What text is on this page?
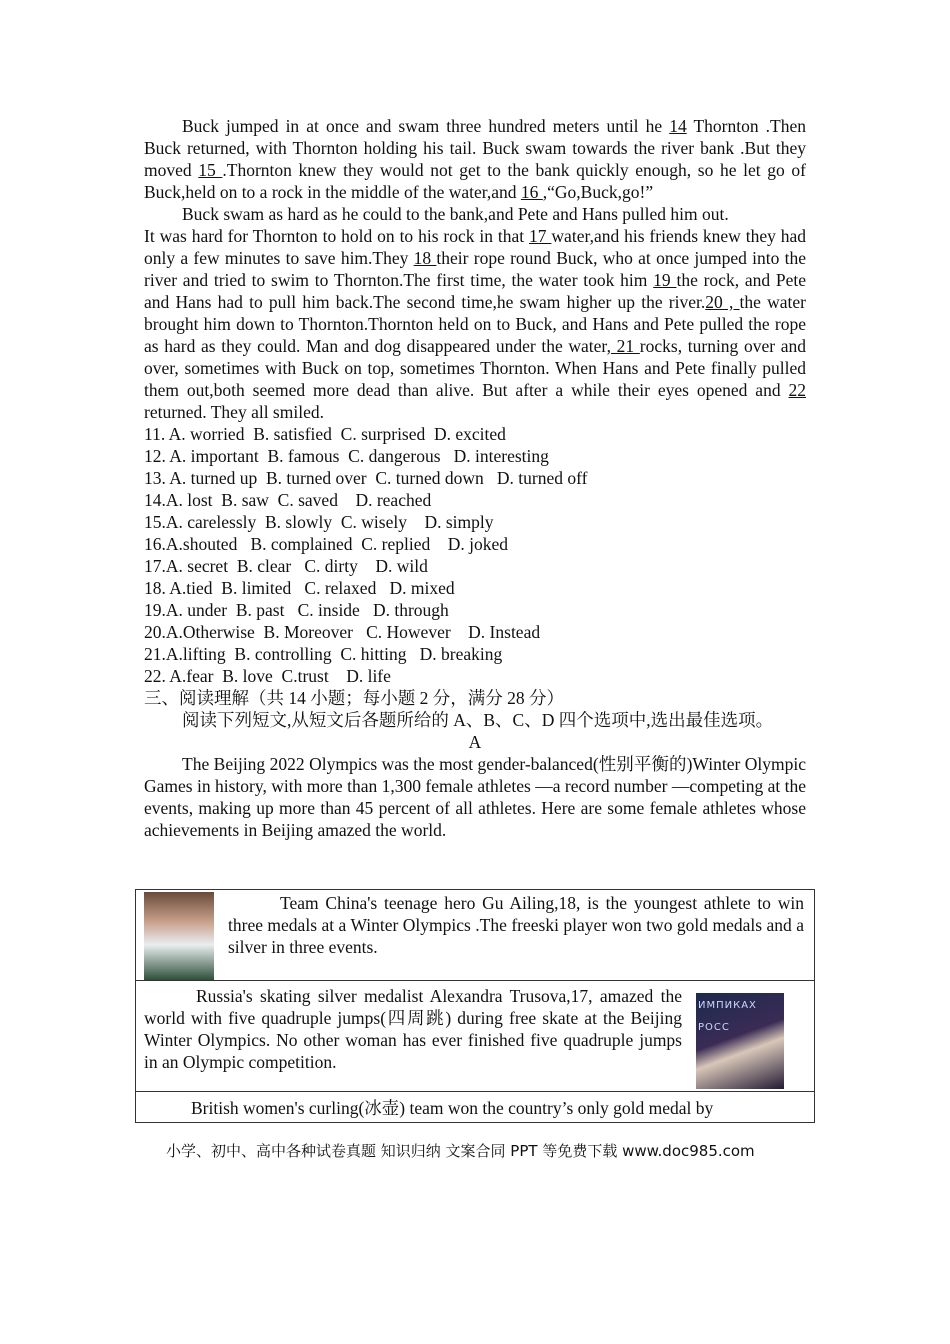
Buck jumped in at once and swam three hundred meters until he 14 Thornton .Then Buck returned, with Thornton holding his tail. Buck swam towards the river bank .But they moved 15 .Thornton knew they would not get to the bank quickly enough, so he let go of Buck,held on to a rock in the middle of the water,and 16 ,“Go,Buck,go!”

Buck swam as hard as he could to the bank,and Pete and Hans pulled him out.

It was hard for Thornton to hold on to his rock in that 17 water,and his friends knew they had only a few minutes to save him.They 18 their rope round Buck, who at once jumped into the river and tried to swim to Thornton.The first time, the water took him 19 the rock, and Pete and Hans had to pull him back.The second time,he swam higher up the river.20 , the water brought him down to Thornton.Thornton held on to Buck, and Hans and Pete pulled the rope as hard as they could. Man and dog disappeared under the water, 21 rocks, turning over and over, sometimes with Buck on top, sometimes Thornton. When Hans and Pete finally pulled them out,both seemed more dead than alive. But after a while their eyes opened and 22 returned. They all smiled.

11. A. worried  B. satisfied  C. surprised  D. excited

12. A. important  B. famous  C. dangerous   D. interesting

13. A. turned up  B. turned over  C. turned down   D. turned off

14.A. lost  B. saw  C. saved    D. reached

15.A. carelessly  B. slowly  C. wisely    D. simply

16.A.shouted   B. complained  C. replied    D. joked

17.A. secret  B. clear   C. dirty    D. wild

18. A.tied  B. limited   C. relaxed   D. mixed

19.A. under  B. past   C. inside   D. through

20.A.Otherwise  B. Moreover   C. However    D. Instead

21.A.lifting  B. controlling  C. hitting   D. breaking

22. A.fear  B. love  C.trust    D. life

三、阅读理解（共 14 小题；每小题 2 分，满分 28 分）

阅读下列短文,从短文后各题所给的 A、B、C、D 四个选项中,选出最佳选项。

A

The Beijing 2022 Olympics was the most gender-balanced(性别平衡的)Winter Olympic Games in history, with more than 1,300 female athletes —a record number —competing at the events, making up more than 45 percent of all athletes. Here are some female athletes whose achievements in Beijing amazed the world.

Team China's teenage hero Gu Ailing,18, is the youngest athlete to win three medals at a Winter Olympics .The freeski player won two gold medals and a silver in three events.

Russia's skating silver medalist Alexandra Trusova,17, amazed the world with five quadruple jumps(四周跳) during free skate at the Beijing Winter Olympics. No other woman has ever finished five quadruple jumps in an Olympic competition.
ИМПИКАХ РОСС

British women's curling(冰壶) team won the country’s only gold medal by
小学、初中、高中各种试卷真题 知识归纳 文案合同 PPT 等免费下载 www.doc985.com
